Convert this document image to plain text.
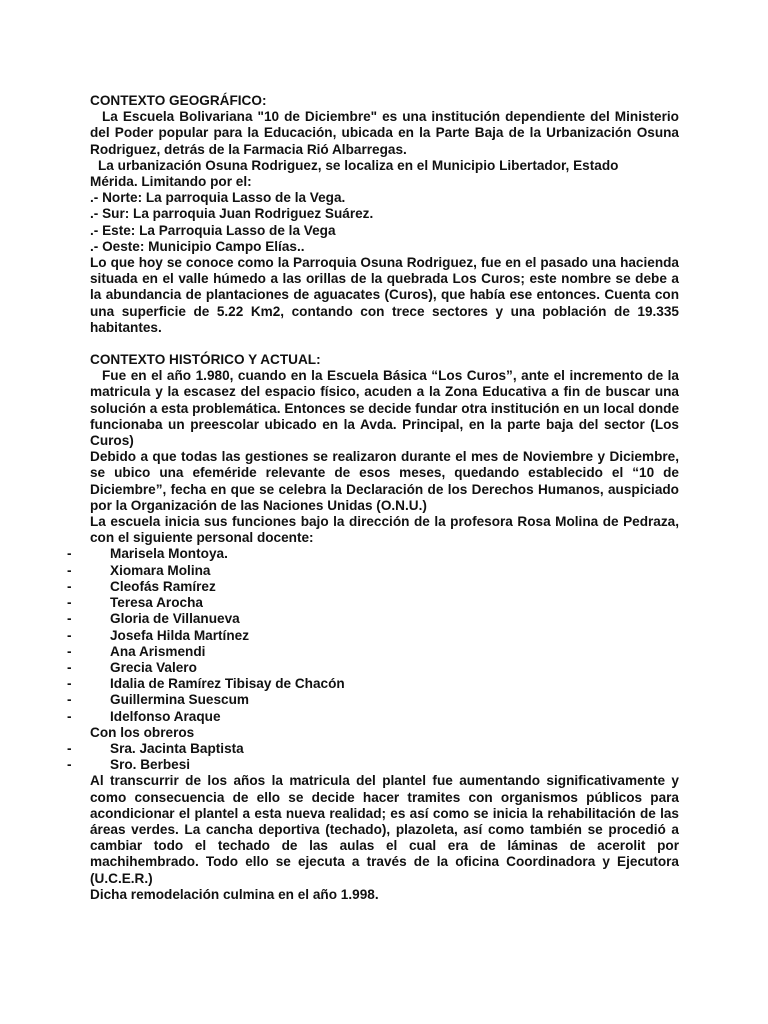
CONTEXTO GEOGRÁFICO:

La Escuela Bolivariana "10 de Diciembre" es una institución dependiente del Ministerio del Poder popular para la Educación, ubicada en la Parte Baja de la Urbanización Osuna Rodriguez, detrás de la Farmacia Rió Albarregas.

La urbanización Osuna Rodriguez, se localiza en el Municipio Libertador, Estado

Mérida. Limitando por el:

.- Norte: La parroquia Lasso de la Vega.

.- Sur: La parroquia Juan Rodriguez Suárez.

.- Este: La Parroquia Lasso de la Vega

.- Oeste: Municipio Campo Elías..

Lo que hoy se conoce como la Parroquia Osuna Rodriguez, fue en el pasado una hacienda situada en el valle húmedo a las orillas de la quebrada Los Curos; este nombre se debe a la abundancia de plantaciones de aguacates (Curos), que había ese entonces. Cuenta con una superficie de 5.22 Km2, contando con trece sectores y una población de 19.335 habitantes.

CONTEXTO HISTÓRICO Y ACTUAL:

Fue en el año 1.980, cuando en la Escuela Básica “Los Curos”, ante el incremento de la matricula y la escasez del espacio físico, acuden a la Zona Educativa a fin de buscar una solución a esta problemática. Entonces se decide fundar otra institución en un local donde funcionaba un preescolar ubicado en la Avda. Principal, en la parte baja del sector (Los Curos)

Debido a que todas las gestiones se realizaron durante el mes de Noviembre y Diciembre, se ubico una efeméride relevante de esos meses, quedando establecido el “10 de Diciembre”, fecha en que se celebra la Declaración de los Derechos Humanos, auspiciado por la Organización de las Naciones Unidas (O.N.U.)

La escuela inicia sus funciones bajo la dirección de la profesora Rosa Molina de Pedraza, con el siguiente personal docente:

-	Marisela Montoya.
-	Xiomara Molina
-	Cleofás Ramírez
-	Teresa Arocha
-	Gloria de Villanueva
-	Josefa Hilda Martínez
-	Ana Arismendi
-	Grecia Valero
-	Idalia de Ramírez Tibisay de Chacón
-	Guillermina Suescum
-	Idelfonso Araque

Con los obreros

-	Sra. Jacinta Baptista
-	Sro. Berbesi

Al transcurrir de los años la matricula del plantel fue aumentando significativamente y como consecuencia de ello se decide hacer tramites con organismos públicos para acondicionar el plantel a esta nueva realidad; es así como se inicia la rehabilitación de las áreas verdes. La cancha deportiva (techado), plazoleta, así como también se procedió a cambiar todo el techado de las aulas el cual era de láminas de acerolit por machihembrado. Todo ello se ejecuta a través de la oficina Coordinadora y Ejecutora (U.C.E.R.)

Dicha remodelación culmina en el año 1.998.
